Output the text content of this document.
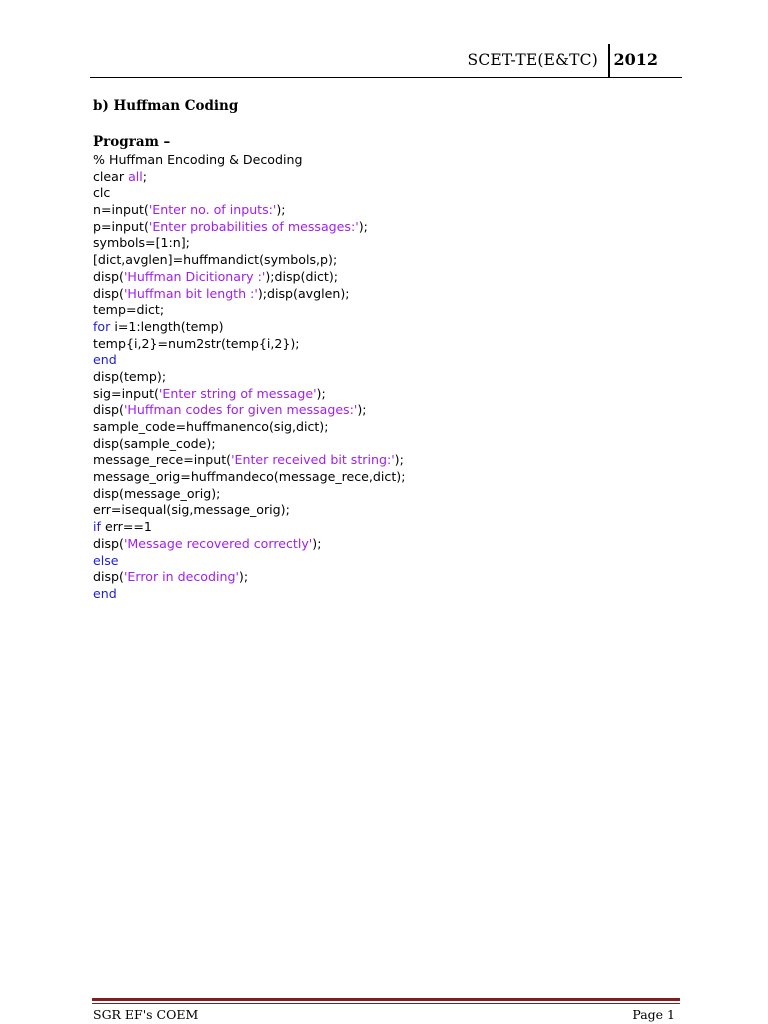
SCET-TE(E&TC) 2012
b) Huffman Coding
Program –
% Huffman Encoding & Decoding
clear all;
clc
n=input('Enter no. of inputs:');
p=input('Enter probabilities of messages:');
symbols=[1:n];
[dict,avglen]=huffmandict(symbols,p);
disp('Huffman Dicitionary :');disp(dict);
disp('Huffman bit length :');disp(avglen);
temp=dict;
for i=1:length(temp)
temp{i,2}=num2str(temp{i,2});
end
disp(temp);
sig=input('Enter string of message');
disp('Huffman codes for given messages:');
sample_code=huffmanenco(sig,dict);
disp(sample_code);
message_rece=input('Enter received bit string:');
message_orig=huffmandeco(message_rece,dict);
disp(message_orig);
err=isequal(sig,message_orig);
if err==1
disp('Message recovered correctly');
else
disp('Error in decoding');
end
SGR EF's COEM	Page 1
